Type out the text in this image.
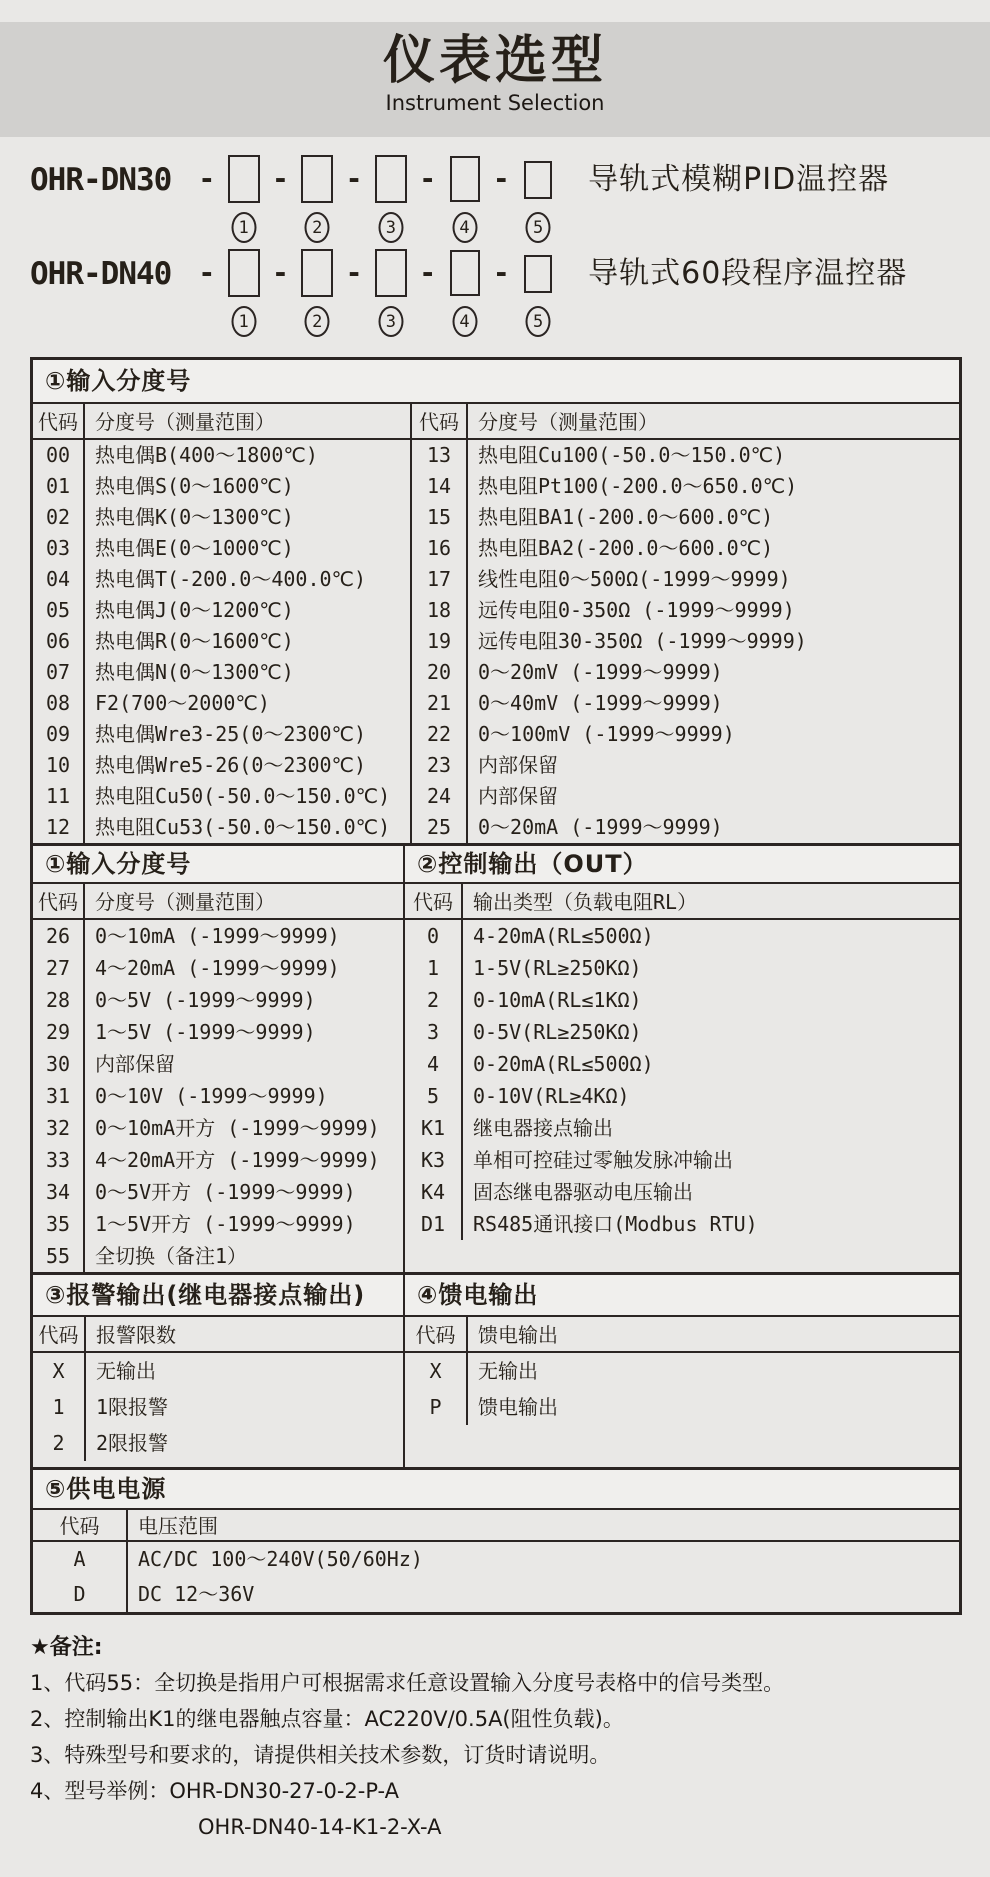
仪表选型
Instrument Selection
OHR-DN30	-
1
-
2
-
3
-
4
-
5
导轨式模糊PID温控器
OHR-DN40	-
1
-
2
-
3
-
4
-
5
导轨式60段程序温控器
①输入分度号
代码 分度号（测量范围）
00	热电偶B(400～1800℃)
01	热电偶S(0～1600℃)
02	热电偶K(0～1300℃)
03	热电偶E(0～1000℃)
04	热电偶T(-200.0～400.0℃)
05	热电偶J(0～1200℃)
06	热电偶R(0～1600℃)
07	热电偶N(0～1300℃)
08	F2(700～2000℃)
09	热电偶Wre3-25(0～2300℃)
10	热电偶Wre5-26(0～2300℃)
11	热电阻Cu50(-50.0～150.0℃)
12	热电阻Cu53(-50.0～150.0℃)
代码 分度号（测量范围）
13	热电阻Cu100(-50.0～150.0℃)
14	热电阻Pt100(-200.0～650.0℃)
15	热电阻BA1(-200.0～600.0℃)
16	热电阻BA2(-200.0～600.0℃)
17	线性电阻0～500Ω(-1999～9999)
18	远传电阻0-350Ω (-1999～9999)
19	远传电阻30-350Ω (-1999～9999)
20	0～20mV (-1999～9999)
21	0～40mV (-1999～9999)
22	0～100mV (-1999～9999)
23	内部保留
24	内部保留
25	0～20mA (-1999～9999)
①输入分度号	②控制输出（OUT）
代码 分度号（测量范围）
26	0～10mA (-1999～9999)
27	4～20mA (-1999～9999)
28	0～5V (-1999～9999)
29	1～5V (-1999～9999)
30	内部保留
31	0～10V (-1999～9999)
32	0～10mA开方 (-1999～9999)
33	4～20mA开方 (-1999～9999)
34	0～5V开方 (-1999～9999)
35	1～5V开方 (-1999～9999)
55	全切换（备注1）
代码	输出类型（负载电阻RL）
0	4-20mA(RL≤500Ω)
1	1-5V(RL≥250KΩ)
2	0-10mA(RL≤1KΩ)
3	0-5V(RL≥250KΩ)
4	0-20mA(RL≤500Ω)
5	0-10V(RL≥4KΩ)
K1	继电器接点输出
K3	单相可控硅过零触发脉冲输出
K4	固态继电器驱动电压输出
D1	RS485通讯接口(Modbus RTU)
③报警输出(继电器接点输出)	④馈电输出
代码 报警限数
X	无输出
1	1限报警
2	2限报警
代码	馈电输出
X	无输出
P	馈电输出
⑤供电电源
代码	电压范围
A	AC/DC 100～240V(50/60Hz)
D	DC 12～36V
★备注:
1、代码55：全切换是指用户可根据需求任意设置输入分度号表格中的信号类型。
2、控制输出K1的继电器触点容量：AC220V/0.5A(阻性负载)。
3、特殊型号和要求的，请提供相关技术参数，订货时请说明。
4、型号举例：OHR-DN30-27-0-2-P-A
OHR-DN40-14-K1-2-X-A
